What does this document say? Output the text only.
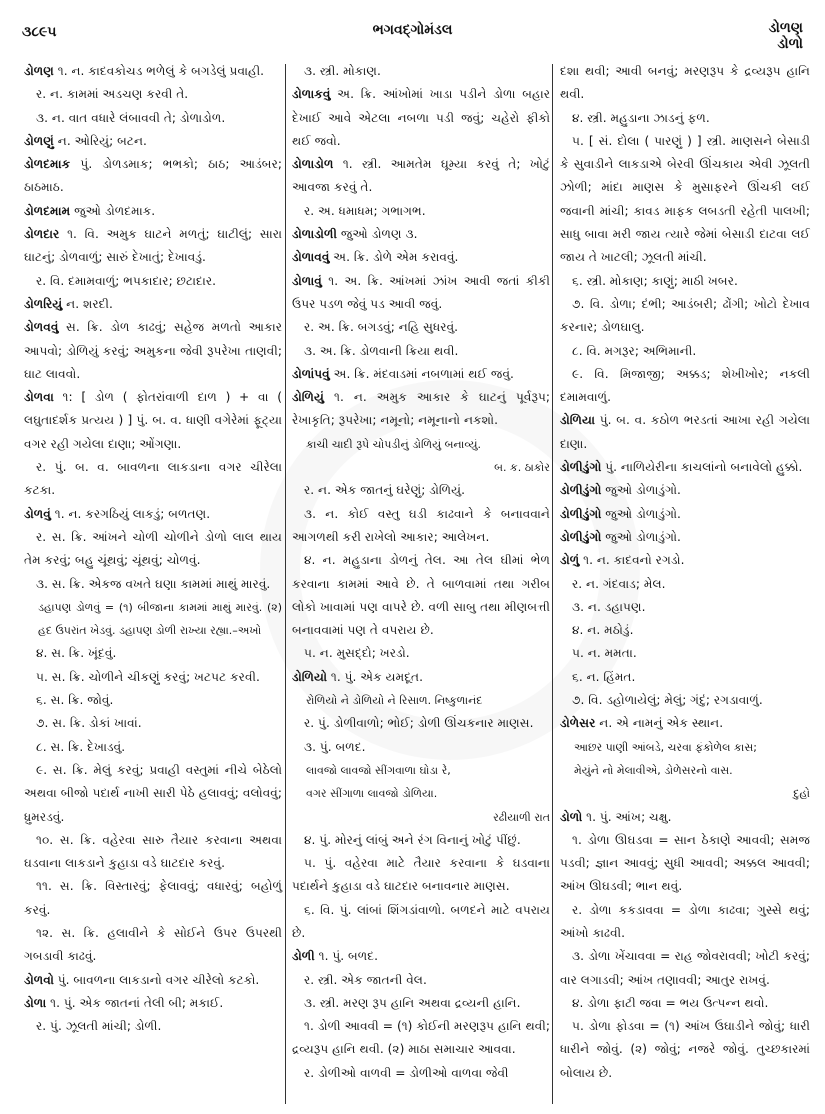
૩૮૯૫	ભગવદ્ગોમંડલ	ડોળણ
ડોળો

ડોળણ ૧. ન. કાદવકોચડ ભળેલું કે બગડેલું પ્રવાહી.

ર. ન. કામમાં અડચણ કરવી તે.

૩. ન. વાત વધારે લંબાવવી તે; ડોળાડોળ.

ડોળણું ન. ઓરિયું; બટન.

ડોળદમાક પું. ડોળડમાક; ભભકો; ઠાઠ; આડંબર; ઠાઠમાઠ.

ડોળદમામ જુઓ ડોળદમાક.

ડોળદાર ૧. વિ. અમુક ઘાટને મળતું; ઘાટીલું; સારા ઘાટનું; ડોળવાળું; સારું દેખાતું; દેખાવડું.

ર. વિ. દમામવાળું; ભપકાદાર; છટાદાર.

ડોળરિયું ન. શરદી.

ડોળવવું સ. ક્રિ. ડોળ કાઢવું; સહેજ મળતો આકાર આપવો; ડોળિયું કરવું; અમુકના જેવી રૂપરેખા તાણવી; ઘાટ લાવવો.

ડોળવા ૧: [ ડોળ ( ફોતરાંવાળી દાળ ) + વા ( લઘુતાદર્શક પ્રત્યય ) ] પું. બ. વ. ધાણી વગેરેમાં ફૂટ્યા વગર રહી ગયેલા દાણા; ઓંગણા.

ર. પું. બ. વ. બાવળના લાકડાના વગર ચીરેલા કટકા.

ડોળવું ૧. ન. કરગઠિયું લાકડું; બળતણ.

ર. સ. ક્રિ. આંખને ચોળી ચોળીને ડોળો લાલ થાય તેમ કરવું; બહુ ચૂંથવું; ચૂંથવું; ચોળવું.

૩. સ. ક્રિ. એકજ વખતે ઘણા કામમાં માથું મારવું.

ડહાપણ ડોળવું = (૧) બીજાના કામમાં માથું મારવું. (૨) હદ ઉપરાંત ખેડવું. ડહાપણ ડોળી રાખ્યા રહ્યા.–અખો

૪. સ. ક્રિ. ખૂંદવું.

૫. સ. ક્રિ. ચોળીને ચીકણું કરવું; ખટપટ કરવી.

૬. સ. ક્રિ. જોવું.

૭. સ. ક્રિ. ડોકાં ખાવાં.

૮. સ. ક્રિ. દેખાડવું.

૯. સ. ક્રિ. મેલું કરવું; પ્રવાહી વસ્તુમાં નીચે બેઠેલો અથવા બીજો પદાર્થ નાખી સારી પેઠે હલાવવું; વલોવવું; ધ્રુમરડવું.

૧૦. સ. ક્રિ. વહેરવા સારુ તૈયાર કરવાના અથવા ઘડવાના લાકડાને કુહાડા વડે ઘાટદાર કરવું.

૧૧. સ. ક્રિ. વિસ્તારવું; ફેલાવવું; વધારવું; બહોળું કરવું.

૧૨. સ. ક્રિ. હલાવીને કે સોઈને ઉપર ઉપરથી ગબડાવી કાઢવું.

ડોળવો પું. બાવળના લાકડાનો વગર ચીરેલો કટકો.

ડોળા ૧. પું. એક જાતનાં તેલી બી; મકાઈ.

ર. પું. ઝૂલતી માંચી; ડોળી.

૩. સ્ત્રી. મોકાણ.

ડોળાકવું અ. ક્રિ. આંખોમાં ખાડા પડીને ડોળા બહાર દેખાઈ આવે એટલા નબળા પડી જવું; ચહેરો ફીકો થઈ જવો.

ડોળાડોળ ૧. સ્ત્રી. આમતેમ ઘૂમ્યા કરવું તે; ખોટું આવજા કરવું તે.

ર. અ. ધમાધમ; ગભાગભ.

ડોળાડોળી જુઓ ડોળણ ૩.

ડોળાવવું અ. ક્રિ. ડોળે એમ કરાવવું.

ડોળાવું ૧. અ. ક્રિ. આંખમાં ઝાંખ આવી જતાં કીકી ઉપર પડળ જેવું પડ આવી જવું.

ર. અ. ક્રિ. બગડવું; નહિ સુધરવું.

૩. અ. ક્રિ. ડોળવાની ક્રિયા થવી.

ડોળાંપવું અ. ક્રિ. મંદવાડમાં નબળામાં થઈ જવું.

ડોળિયું ૧. ન. અમુક આકાર કે ઘાટનું પૂર્વરૂપ; રેખાકૃતિ; રૂપરેખા; નમૂનો; નમૂનાનો નકશો.

કાચી ચાદી રૂપે ચોપડીનું ડોળિયું બનાવ્યું.

બ. ક. ઠાકોર

ર. ન. એક જાતનું ઘરેણું; ડોળિયું.

૩. ન. કોઈ વસ્તુ ઘડી કાઢવાને કે બનાવવાને આગળથી કરી રાખેલો આકાર; આલેખન.

૪. ન. મહુડાના ડોળનું તેલ. આ તેલ ઘીમાં ભેળ કરવાના કામમાં આવે છે. તે બાળવામાં તથા ગરીબ લોકો ખાવામાં પણ વાપરે છે. વળી સાબુ તથા મીણબત્તી બનાવવામાં પણ તે વપરાય છે.

૫. ન. મુસદ્દો; ખરડો.

ડોળિયો ૧. પું. એક યમદૂત.

રોળિયો ને ડોળિયો ને રિસાળ. નિષ્કુળાનંદ

ર. પું. ડોળીવાળો; ભોઈ; ડોળી ઊંચકનાર માણસ.

૩. પું. બળદ.

લાવજો લાવજો સીંગવાળા ઘોડા રે,

વગર સીંગાળા લાવજો ડોળિયા.

રઢીયાળી રાત

૪. પું. મોરનું લાંબું અને રંગ વિનાનું ખોટું પીંછું.

૫. પું. વહેરવા માટે તૈયાર કરવાના કે ઘડવાના પદાર્થને કુહાડા વડે ઘાટદાર બનાવનાર માણસ.

૬. વિ. પું. લાંબાં શિંગડાંવાળો. બળદને માટે વપરાય છે.

ડોળી ૧. પું. બળદ.

ર. સ્ત્રી. એક જાતની વેલ.

૩. સ્ત્રી. મરણ રૂપ હાનિ અથવા દ્રવ્યની હાનિ.

૧. ડોળી આવવી = (૧) કોઈની મરણરૂપ હાનિ થવી; દ્રવ્યરૂપ હાનિ થવી. (૨) માઠા સમાચાર આવવા.

ર. ડોળીઓ વાળવી = ડોળીઓ વાળવા જેવી

દશા થવી; આવી બનવું; મરણરૂપ કે દ્રવ્યરૂપ હાનિ થવી.

૪. સ્ત્રી. મહુડાના ઝાડનું ફળ.

૫. [ સં. દોલા ( પારણું ) ] સ્ત્રી. માણસને બેસાડી કે સુવાડીને લાકડાએ બેરવી ઊંચકાય એવી ઝૂલતી ઝોળી; માંદા માણસ કે મુસાફરને ઊંચકી લઈ જવાની માંચી; કાવડ માફક લબડતી રહેતી પાલખી; સાધુ બાવા મરી જાય ત્યારે જેમાં બેસાડી દાટવા લઈ જાય તે ખાટલી; ઝૂલતી માંચી.

૬. સ્ત્રી. મોકાણ; કાણું; માઠી ખબર.

૭. વિ. ડોળા; દંભી; આડંબરી; ઢોંગી; ખોટો દેખાવ કરનાર; ડોળઘાલુ.

૮. વિ. મગરૂર; અભિમાની.

૯. વિ. મિજાજી; અક્કડ; શેખીખોર; નકલી દમામવાળું.

ડોળિયા પું. બ. વ. કઠોળ ભરડતાં આખા રહી ગયેલા દાણા.

ડોળીડુંગો પું. નાળિયેરીના કાચલાંનો બનાવેલો હુક્કો.

ડોળીડુંગો જુઓ ડોળાડુંગો.

ડોળીડુંગો જુઓ ડોળાડુંગો.

ડોળીડુંગો જુઓ ડોળાડુંગો.

ડોળું ૧. ન. કાદવનો રગડો.

ર. ન. ગંદવાડ; મેલ.

૩. ન. ડહાપણ.

૪. ન. મઠોડું.

૫. ન. મમતા.

૬. ન. હિંમત.

૭. વિ. ડહોળાયેલું; મેલું; ગંદું; રગડાવાળું.

ડોળેસર ન. એ નામનું એક સ્થાન.

આછર પાણી આંબડે, ચરવા ફંકોળેલ કાસ;

મેયુંને નો મેલાવીએ, ડોળેસરનો વાસ.

દુહો

ડોળો ૧. પું. આંખ; ચક્ષુ.

૧. ડોળા ઊઘડવા = સાન ઠેકાણે આવવી; સમજ પડવી; જ્ઞાન આવવું; સુધી આવવી; અક્કલ આવવી; આંખ ઊઘડવી; ભાન થવું.

ર. ડોળા કકડાવવા = ડોળા કાઢવા; ગુસ્સે થવું; આંખો કાઢવી.

૩. ડોળા ખેંચાવવા = રાહ જોવરાવવી; ખોટી કરવું; વાર લગાડવી; આંખ તણાવવી; આતુર રાખવું.

૪. ડોળા ફાટી જવા = ભય ઉત્પન્ન થવો.

૫. ડોળા ફોડવા = (૧) આંખ ઉઘાડીને જોવું; ધારી ધારીને જોવું. (૨) જોવું; નજરે જોવું. તુચ્છકારમાં બોલાય છે.
